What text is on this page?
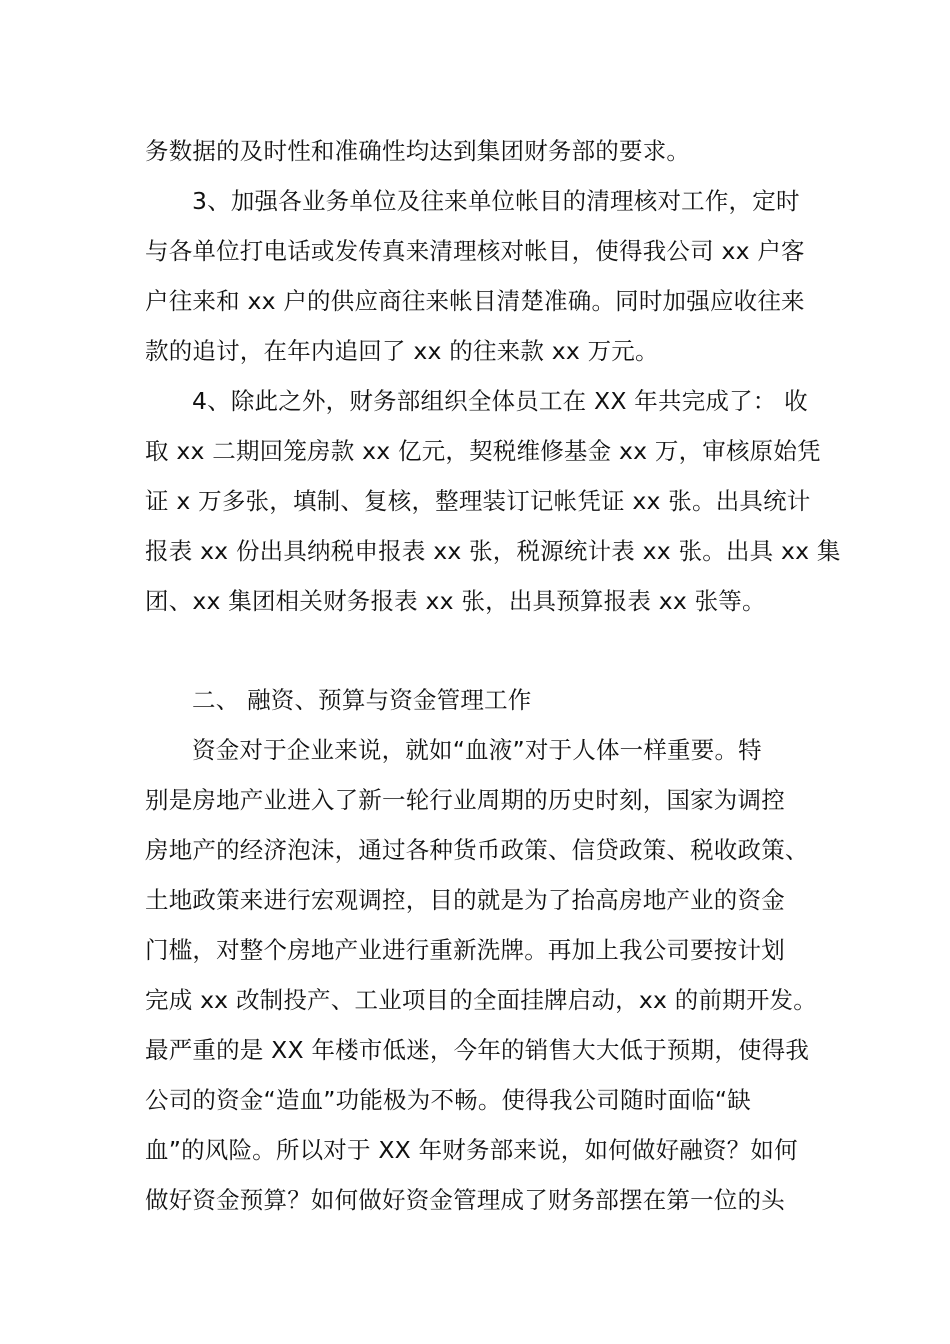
务数据的及时性和准确性均达到集团财务部的要求。
3、加强各业务单位及往来单位帐目的清理核对工作，定时
与各单位打电话或发传真来清理核对帐目，使得我公司 xx 户客
户往来和 xx 户的供应商往来帐目清楚准确。同时加强应收往来
款的追讨，在年内追回了 xx 的往来款 xx 万元。
4、除此之外，财务部组织全体员工在 XX 年共完成了： 收
取 xx 二期回笼房款 xx 亿元，契税维修基金 xx 万，审核原始凭
证 x 万多张，填制、复核，整理装订记帐凭证 xx 张。出具统计
报表 xx 份出具纳税申报表 xx 张，税源统计表 xx 张。出具 xx 集
团、xx 集团相关财务报表 xx 张，出具预算报表 xx 张等。
二、 融资、预算与资金管理工作
资金对于企业来说，就如“血液”对于人体一样重要。特
别是房地产业进入了新一轮行业周期的历史时刻，国家为调控
房地产的经济泡沫，通过各种货币政策、信贷政策、税收政策、
土地政策来进行宏观调控，目的就是为了抬高房地产业的资金
门槛，对整个房地产业进行重新洗牌。再加上我公司要按计划
完成 xx 改制投产、工业项目的全面挂牌启动，xx 的前期开发。
最严重的是 XX 年楼市低迷，今年的销售大大低于预期，使得我
公司的资金“造血”功能极为不畅。使得我公司随时面临“缺
血”的风险。所以对于 XX 年财务部来说，如何做好融资？如何
做好资金预算？如何做好资金管理成了财务部摆在第一位的头
